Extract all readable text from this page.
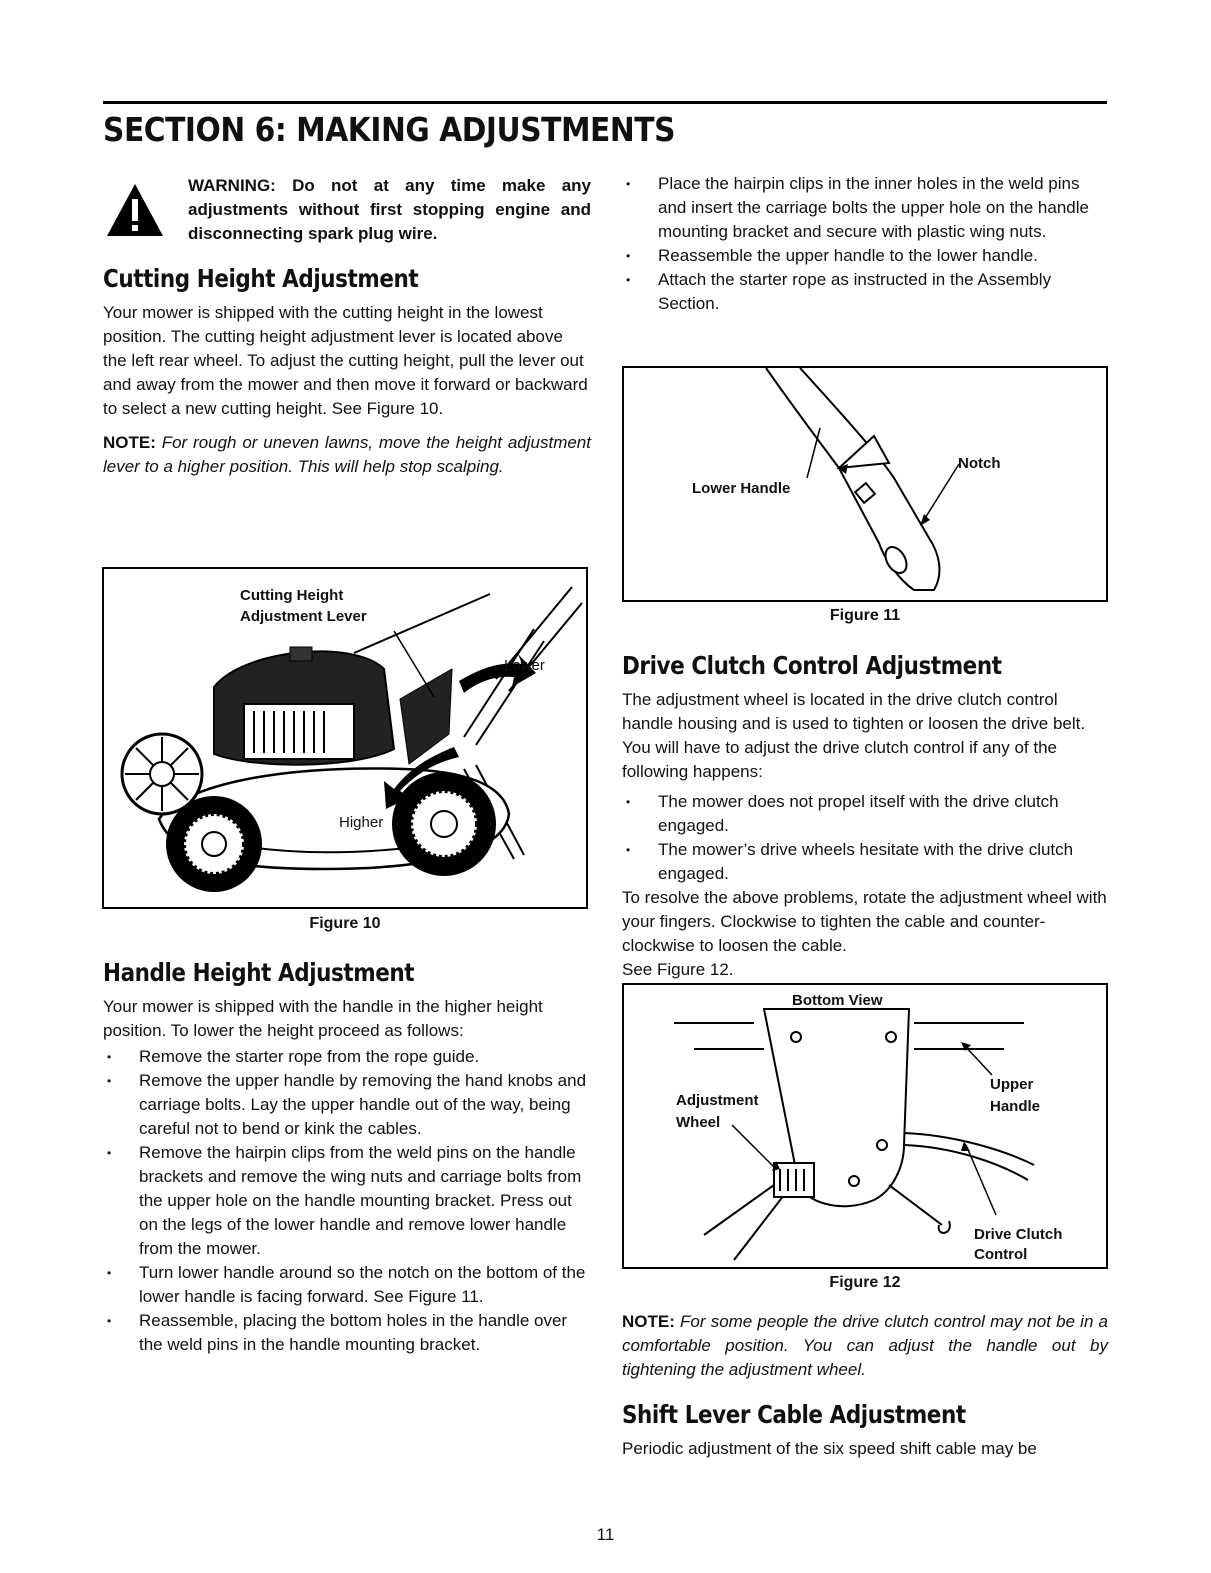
SECTION 6: MAKING ADJUSTMENTS
WARNING: Do not at any time make any adjustments without first stopping engine and disconnecting spark plug wire.
Cutting Height Adjustment

Your mower is shipped with the cutting height in the lowest position. The cutting height adjustment lever is located above the left rear wheel. To adjust the cutting height, pull the lever out and away from the mower and then move it forward or backward to select a new cutting height. See Figure 10.

NOTE: For rough or uneven lawns, move the height adjustment lever to a higher position. This will help stop scalping.

Cutting Height
Adjustment Lever
Lower
Higher
Figure 10
Handle Height Adjustment

Your mower is shipped with the handle in the higher height position. To lower the height proceed as follows:

• Remove the starter rope from the rope guide.
• Remove the upper handle by removing the hand knobs and carriage bolts. Lay the upper handle out of the way, being careful not to bend or kink the cables.
• Remove the hairpin clips from the weld pins on the handle brackets and remove the wing nuts and carriage bolts from the upper hole on the handle mounting bracket. Press out on the legs of the lower handle and remove lower handle from the mower.
• Turn lower handle around so the notch on the bottom of the lower handle is facing forward. See Figure 11.
• Reassemble, placing the bottom holes in the handle over the weld pins in the handle mounting bracket.
• Place the hairpin clips in the inner holes in the weld pins and insert the carriage bolts the upper hole on the handle mounting bracket and secure with plastic wing nuts.
• Reassemble the upper handle to the lower handle.
• Attach the starter rope as instructed in the Assembly Section.
Lower Handle
Notch
Figure 11
Drive Clutch Control Adjustment

The adjustment wheel is located in the drive clutch control handle housing and is used to tighten or loosen the drive belt. You will have to adjust the drive clutch control if any of the following happens:

• The mower does not propel itself with the drive clutch engaged.
• The mower’s drive wheels hesitate with the drive clutch engaged.

To resolve the above problems, rotate the adjustment wheel with your fingers. Clockwise to tighten the cable and counter-clockwise to loosen the cable.

See Figure 12.

Bottom View
Adjustment
Wheel
Upper
Handle
Drive Clutch
Control
Figure 12

NOTE: For some people the drive clutch control may not be in a comfortable position. You can adjust the handle out by tightening the adjustment wheel.

Shift Lever Cable Adjustment

Periodic adjustment of the six speed shift cable may be

11
